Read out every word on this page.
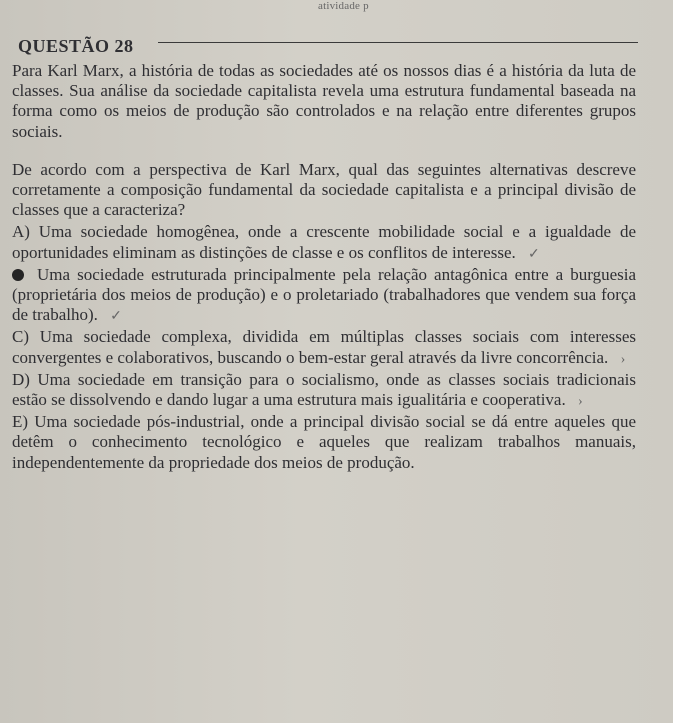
atividade p
QUESTÃO 28

Para Karl Marx, a história de todas as sociedades até os nossos dias é a história da luta de classes. Sua análise da sociedade capitalista revela uma estrutura fundamental baseada na forma como os meios de produção são controlados e na relação entre diferentes grupos sociais.

De acordo com a perspectiva de Karl Marx, qual das seguintes alternativas descreve corretamente a composição fundamental da sociedade capitalista e a principal divisão de classes que a caracteriza?

A) Uma sociedade homogênea, onde a crescente mobilidade social e a igualdade de oportunidades eliminam as distinções de classe e os conflitos de interesse. ✓

Uma sociedade estruturada principalmente pela relação antagônica entre a burguesia (proprietária dos meios de produção) e o proletariado (trabalhadores que vendem sua força de trabalho). ✓

C) Uma sociedade complexa, dividida em múltiplas classes sociais com interesses convergentes e colaborativos, buscando o bem-estar geral através da livre concorrência. ›

D) Uma sociedade em transição para o socialismo, onde as classes sociais tradicionais estão se dissolvendo e dando lugar a uma estrutura mais igualitária e cooperativa. ›

E) Uma sociedade pós-industrial, onde a principal divisão social se dá entre aqueles que detêm o conhecimento tecnológico e aqueles que realizam trabalhos manuais, independentemente da propriedade dos meios de produção.
